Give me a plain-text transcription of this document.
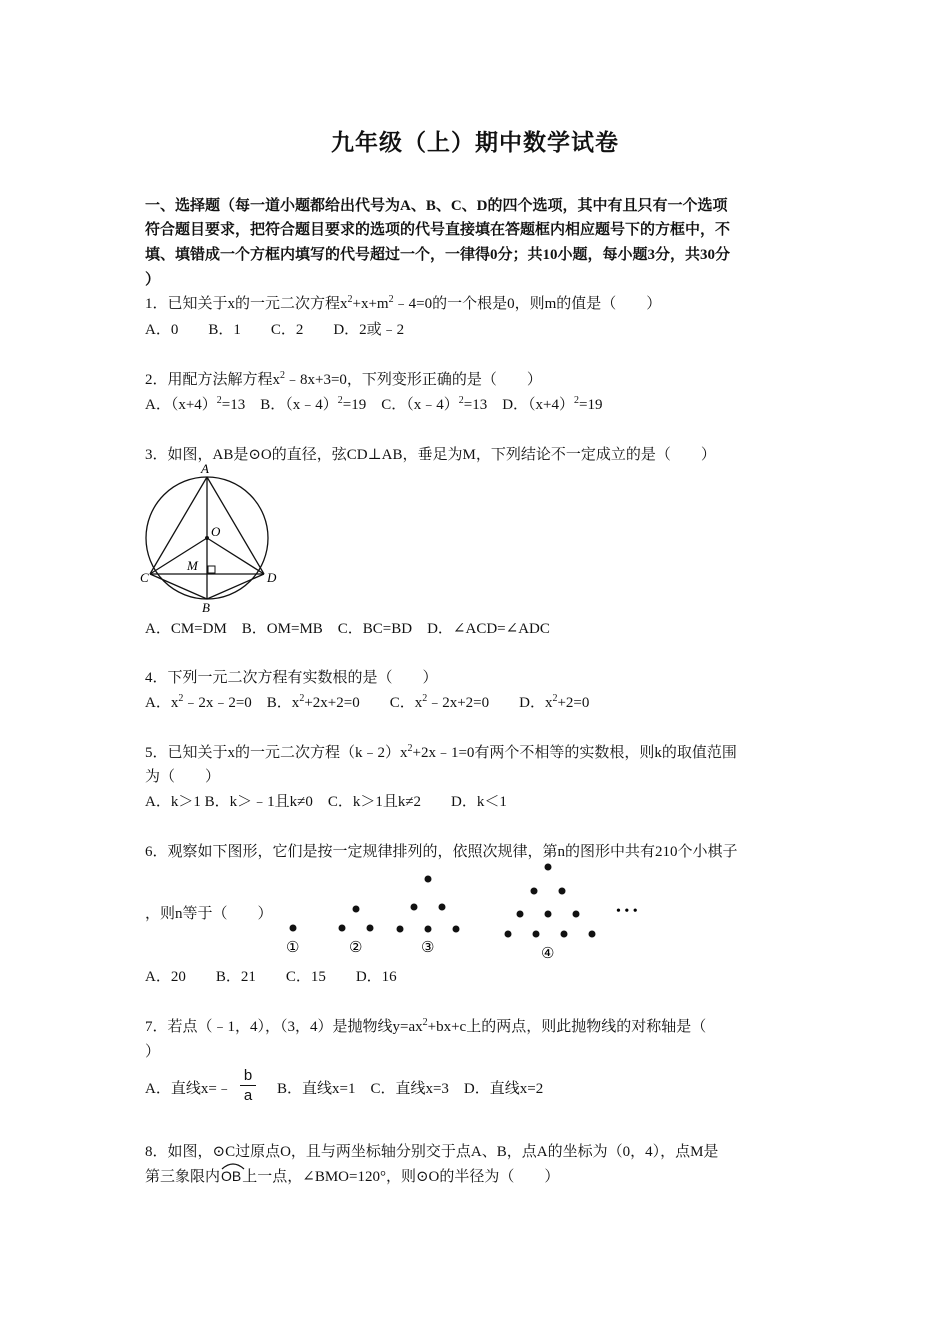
九年级（上）期中数学试卷
一、选择题（每一道小题都给出代号为A、B、C、D的四个选项，其中有且只有一个选项
符合题目要求，把符合题目要求的选项的代号直接填在答题框内相应题号下的方框中，不
填、填错成一个方框内填写的代号超过一个，一律得0分；共10小题，每小题3分，共30分
）
1．已知关于x的一元二次方程$x^2+x+m^2﹣4=0$的一个根是0，则m的值是（　　）
A．0　　B．1　　C．2　　D．2或﹣2
2．用配方法解方程$x^2﹣8x+3=0$，下列变形正确的是（　　）
A．$(x+4)^2=13$　B．（x﹣4）$^2$=19　C．（x﹣4）$^2$=13　D．$(x+4)^2=19$
3．如图，AB是⊙O的直径，弦CD⊥AB，垂足为M，下列结论不一定成立的是（　　）
A
O
M
C	D
B
A．CM=DM　B．OM=MB　C．BC=BD　D．∠ACD=∠ADC
4．下列一元二次方程有实数根的是（　　）
A．$x^2﹣2x﹣2=0$　B．$x^2+2x+2=0$　　C．$x^2﹣2x+2=0$　　D．$x^2+2=0$
5．已知关于x的一元二次方程$(k﹣2)x^2+2x﹣1=0$有两个不相等的实数根，则k的取值范围
为（　　）
A．k＞1 B．k＞﹣1且k≠0　C．k＞1且k≠2　　D．k＜1
6．观察如下图形，它们是按一定规律排列的，依照次规律，第n的图形中共有210个小棋子
，则n等于（　　）
①	②	③	④
• • •
A．20　　B．21　　C．15　　D．16
7．若点（﹣1，4），（3，4）是抛物线$y=ax^2+bx+c$上的两点，则此抛物线的对称轴是（
）
A．直线x=﹣ $\frac{b}{a}$ B．直线x=1　C．直线x=3　D．直线x=2
8．如图，⊙C过原点O，且与两坐标轴分别交于点A、B，点A的坐标为（0，4），点M是
第三象限内
OB上一点，∠BMO=120°，则⊙O的半径为（　　）
